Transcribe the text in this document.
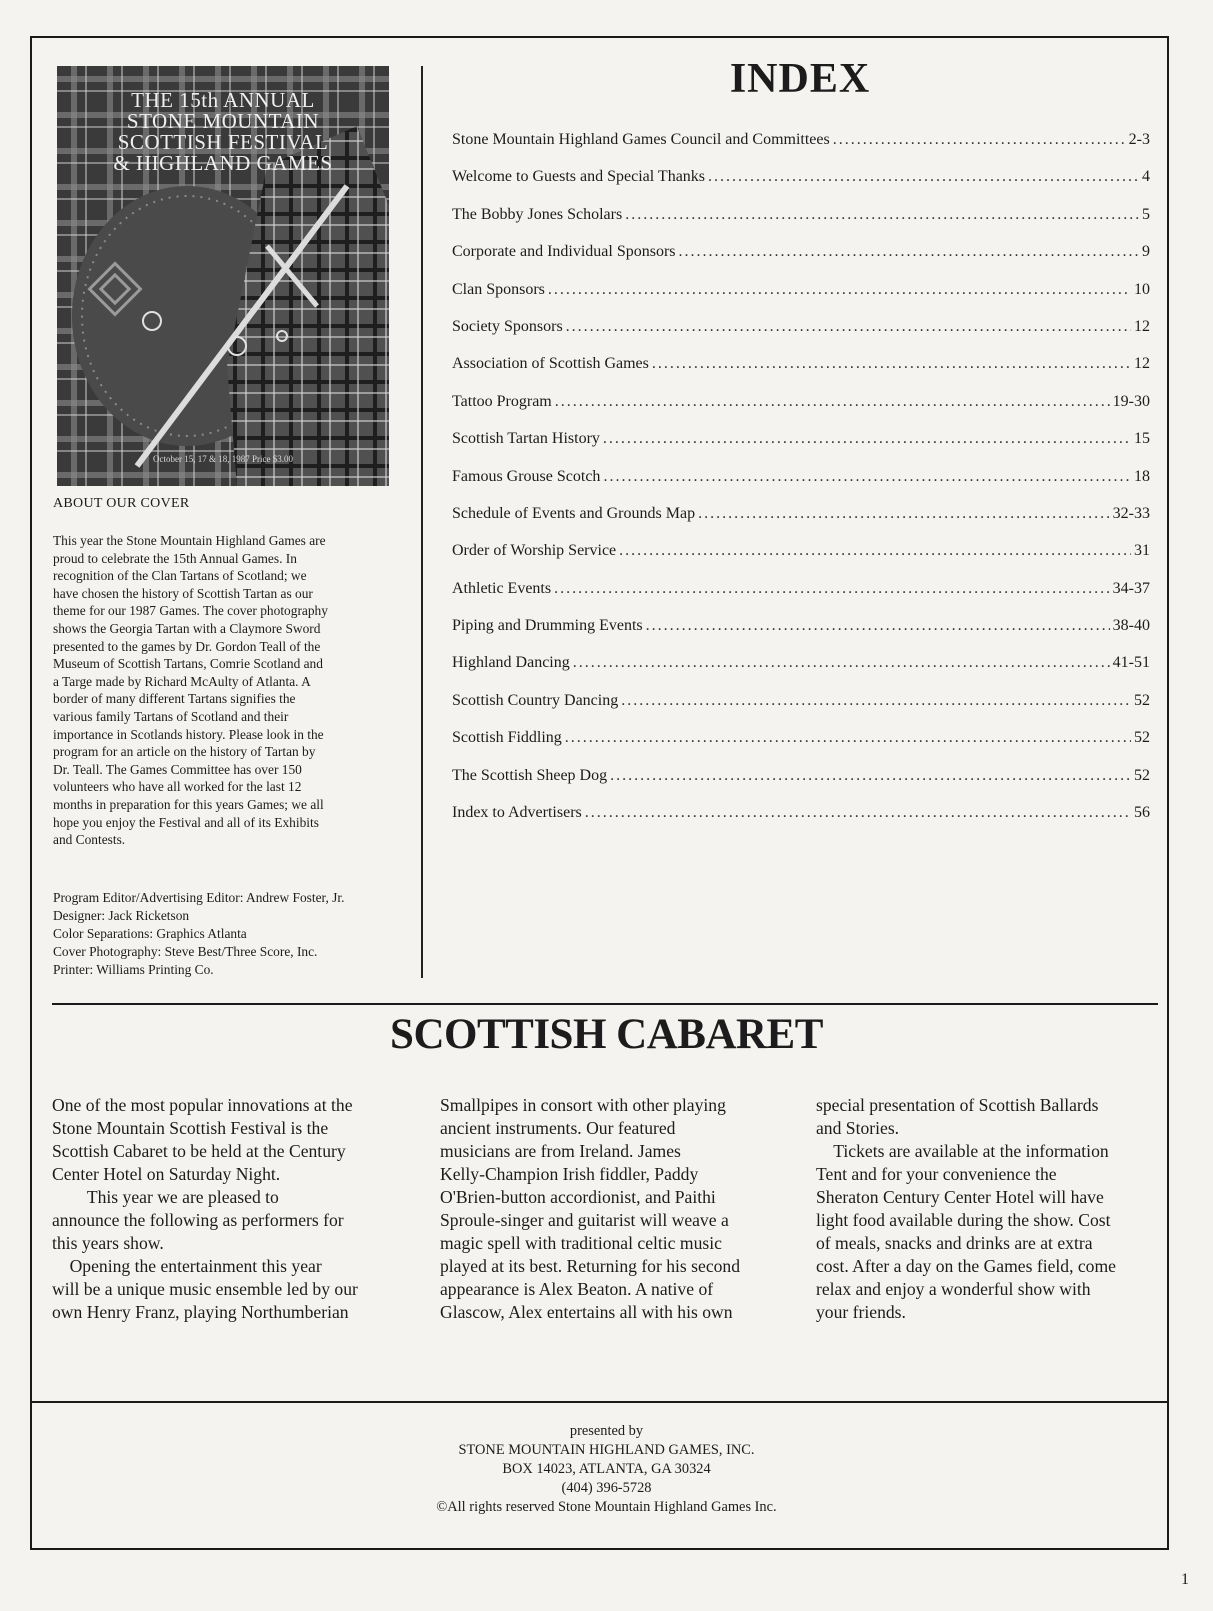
THE 15th ANNUAL
STONE MOUNTAIN
SCOTTISH FESTIVAL
& HIGHLAND GAMES
October 15, 17 & 18, 1987 Price $3.00
ABOUT OUR COVER
This year the Stone Mountain Highland Games are
proud to celebrate the 15th Annual Games. In
recognition of the Clan Tartans of Scotland; we
have chosen the history of Scottish Tartan as our
theme for our 1987 Games. The cover photography
shows the Georgia Tartan with a Claymore Sword
presented to the games by Dr. Gordon Teall of the
Museum of Scottish Tartans, Comrie Scotland and
a Targe made by Richard McAulty of Atlanta. A
border of many different Tartans signifies the
various family Tartans of Scotland and their
importance in Scotlands history. Please look in the
program for an article on the history of Tartan by
Dr. Teall. The Games Committee has over 150
volunteers who have all worked for the last 12
months in preparation for this years Games; we all
hope you enjoy the Festival and all of its Exhibits
and Contests.
Program Editor/Advertising Editor: Andrew Foster, Jr.
Designer: Jack Ricketson
Color Separations: Graphics Atlanta
Cover Photography: Steve Best/Three Score, Inc.
Printer: Williams Printing Co.
INDEX
Stone Mountain Highland Games Council and Committees .....	2-3
Welcome to Guests and Special Thanks .....	4
The Bobby Jones Scholars .....	5
Corporate and Individual Sponsors .....	9
Clan Sponsors .....	10
Society Sponsors .....	12
Association of Scottish Games .....	12
Tattoo Program .....	19-30
Scottish Tartan History .....	15
Famous Grouse Scotch .....	18
Schedule of Events and Grounds Map .....	32-33
Order of Worship Service .....	31
Athletic Events .....	34-37
Piping and Drumming Events .....	38-40
Highland Dancing .....	41-51
Scottish Country Dancing .....	52
Scottish Fiddling .....	52
The Scottish Sheep Dog .....	52
Index to Advertisers .....	56
SCOTTISH CABARET
One of the most popular innovations at the
Stone Mountain Scottish Festival is the
Scottish Cabaret to be held at the Century
Center Hotel on Saturday Night.
This year we are pleased to
announce the following as performers for
this years show.
Opening the entertainment this year
will be a unique music ensemble led by our
own Henry Franz, playing Northumberian
Smallpipes in consort with other playing
ancient instruments. Our featured
musicians are from Ireland. James
Kelly-Champion Irish fiddler, Paddy
O'Brien-button accordionist, and Paithi
Sproule-singer and guitarist will weave a
magic spell with traditional celtic music
played at its best. Returning for his second
appearance is Alex Beaton. A native of
Glascow, Alex entertains all with his own
special presentation of Scottish Ballards
and Stories.
Tickets are available at the information
Tent and for your convenience the
Sheraton Century Center Hotel will have
light food available during the show. Cost
of meals, snacks and drinks are at extra
cost. After a day on the Games field, come
relax and enjoy a wonderful show with
your friends.
presented by
STONE MOUNTAIN HIGHLAND GAMES, INC.
BOX 14023, ATLANTA, GA 30324
(404) 396-5728
©All rights reserved Stone Mountain Highland Games Inc.
1
